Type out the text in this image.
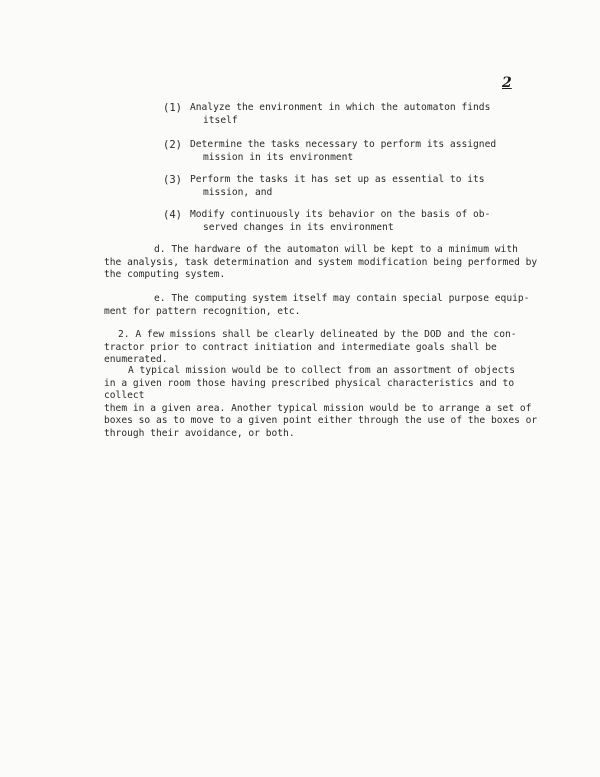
2
(1) Analyze the environment in which the automaton finds
itself
(2) Determine the tasks necessary to perform its assigned
mission in its environment
(3) Perform the tasks it has set up as essential to its
mission, and
(4) Modify continuously its behavior on the basis of ob-
served changes in its environment
d. The hardware of the automaton will be kept to a minimum with
the analysis, task determination and system modification being performed by
the computing system.
e. The computing system itself may contain special purpose equip-
ment for pattern recognition, etc.
2. A few missions shall be clearly delineated by the DOD and the con-
tractor prior to contract initiation and intermediate goals shall be enumerated.
A typical mission would be to collect from an assortment of objects
in a given room those having prescribed physical characteristics and to collect
them in a given area. Another typical mission would be to arrange a set of
boxes so as to move to a given point either through the use of the boxes or
through their avoidance, or both.
